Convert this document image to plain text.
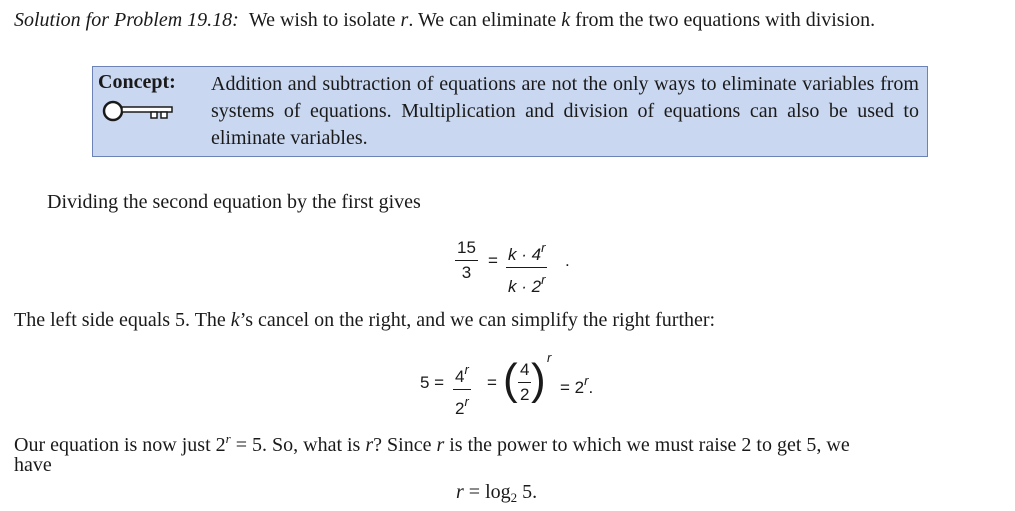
Solution for Problem 19.18: We wish to isolate r. We can eliminate k from the two equations with division.
Concept: Addition and subtraction of equations are not the only ways to eliminate variables from systems of equations. Multiplication and division of equations can also be used to eliminate variables.
Dividing the second equation by the first gives
$\frac{15}{3} = \frac{k \cdot 4^r}{k \cdot 2^r}$ .
The left side equals 5. The k’s cancel on the right, and we can simplify the right further:
$5 = \frac{4^r}{2^r}$ = ( $\frac{4}{2}$ ) r
= $2^r$.
Our equation is now just $2^r = 5$. So, what is r? Since r is the power to which we must raise 2 to get 5, we
have
$r = \log_2 5$.
